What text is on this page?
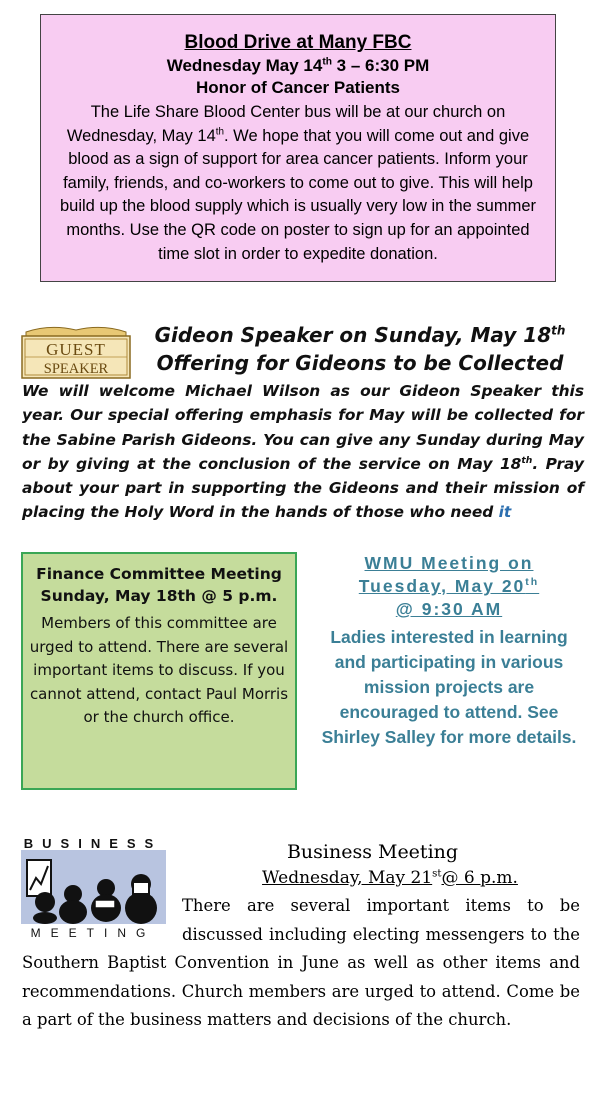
Blood Drive at Many FBC
Wednesday May 14th 3 – 6:30 PM
Honor of Cancer Patients
The Life Share Blood Center bus will be at our church on Wednesday, May 14th. We hope that you will come out and give blood as a sign of support for area cancer patients. Inform your family, friends, and co-workers to come out to give. This will help build up the blood supply which is usually very low in the summer months. Use the QR code on poster to sign up for an appointed time slot in order to expedite donation.
GUEST
SPEAKER
Gideon Speaker on Sunday, May 18th
Offering for Gideons to be Collected
We will welcome Michael Wilson as our Gideon Speaker this year. Our special offering emphasis for May will be collected for the Sabine Parish Gideons. You can give any Sunday during May or by giving at the conclusion of the service on May 18th. Pray about your part in supporting the Gideons and their mission of placing the Holy Word in the hands of those who need it
Finance Committee Meeting
Sunday, May 18th @ 5 p.m.
Members of this committee are urged to attend. There are several important items to discuss. If you cannot attend, contact Paul Morris or the church office.
WMU Meeting on
Tuesday, May 20th
@ 9:30 AM
Ladies interested in learning and participating in various mission projects are encouraged to attend. See Shirley Salley for more details.
BUSINESS
MEETING
Business Meeting
Wednesday, May 21st@ 6 p.m.
There are several important items to be discussed including electing messengers to the Southern Baptist Convention in June as well as other items and recommendations. Church members are urged to attend. Come be a part of the business matters and decisions of the church.
